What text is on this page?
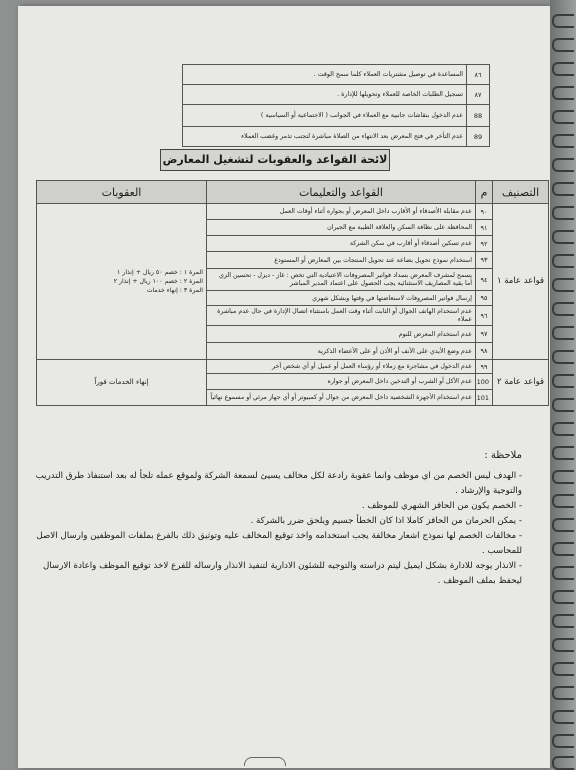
٨٦	المساعدة في توصيل مشتريات العملاء كلما سمح الوقت .
٨٧	تسجيل الطلبات الخاصة للعملاء وتحويلها للإدارة .
88	عدم الدخول بنقاشات جانبية مع العملاء في الجوانب ( الاجتماعية أو السياسية )
89	عدم التأخر في فتح المعرض بعد الانتهاء من الصلاة مباشرة لتجنب تذمر وغضب العملاء
لائحة القواعد والعقوبات لتشغيل المعارض
التصنيف	م	القواعد والتعليمات	العقوبات
قواعد عامة ١	٩٠	عدم مقابلة الأصدقاء أو الأقارب داخل المعرض أو بجواره أثناء أوقات العمل	المرة ١ : خصم ٥٠ ريال + إنذار ١
المرة ٢ : خصم ١٠٠ ريال + إنذار ٢
المرة ٣ : إنهاء خدمات

	٩١	المحافظة على نظافة السكن والعلاقة الطيبة مع الجيران	
	٩٢	عدم تسكين أصدقاء أو أقارب في سكن الشركة	
	٩٣	استخدام نموذج تحويل بضاعة عند تحويل المنتجات بين المعارض أو المستودع	
	٩٤	يسمح لمشرف المعرض بسداد فواتير المصروفات الاعتيادية التي تخص : غاز - ديزل - تحسين الزي أما بقية المصاريف الاستثنائية يجب الحصول على اعتماد المدير المباشر	
	٩٥	إرسال فواتير المصروفات لاستعاضتها في وقتها وبشكل شهري	
	٩٦	عدم استخدام الهاتف الجوال أو الثابت أثناء وقت العمل باستثناء اتصال الإدارة في حال عدم مباشرة عملاء	
	٩٧	عدم استخدام المعرض للنوم	
	٩٨	عدم وضع الأيدي على الأنف أو الأذن أو على الأعضاء الذكرية	
قواعد عامة ٢	٩٩	عدم الدخول في مشاجرة مع زملاء أو رؤساء العمل أو عميل أو أي شخص آخر	إنهاء الخدمات فوراً
	100	عدم الأكل أو الشرب أو التدخين داخل المعرض أو جواره	
	101	عدم استخدام الأجهزة الشخصية داخل المعرض من جوال أو كمبيوتر أو أي جهاز مرئي أو مسموع نهائياً	
ملاحظة :

- الهدف ليس الخصم من اي موظف وانما عقوبة رادعة لكل مخالف يسيئ لسمعة الشركة ولموقع عمله تلجأ له بعد استنفاذ طرق التدريب والتوجية والإرشاد .

- الخصم يكون من الحافز الشهري للموظف .

- يمكن الحرمان من الحافز كاملا اذا كان الخطأ جسيم ويلحق ضرر بالشركة .

- مخالفات الخصم لها نموذج اشعار مخالفة يجب استخدامه واخذ توقيع المخالف عليه وتوثيق ذلك بالفرع بملفات الموظفين وارسال الاصل للمحاسب .

- الانذار يوجه للادارة بشكل ايميل ليتم دراسته والتوجيه للشئون الادارية لتنفيذ الانذار وارساله للفرع لاخذ توقيع الموظف واعادة الارسال ليحفظ بملف الموظف .
